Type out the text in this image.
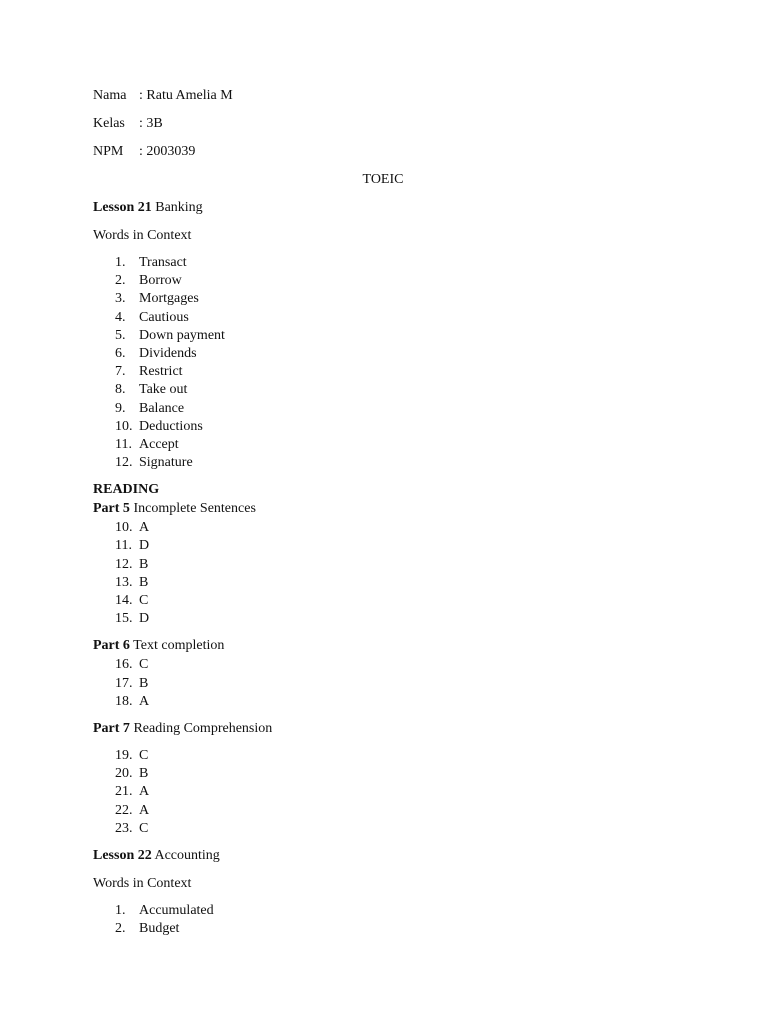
Nama : Ratu Amelia M
Kelas : 3B
NPM : 2003039
TOEIC
Lesson 21 Banking
Words in Context
1. Transact
2. Borrow
3. Mortgages
4. Cautious
5. Down payment
6. Dividends
7. Restrict
8. Take out
9. Balance
10. Deductions
11. Accept
12. Signature
READING
Part 5 Incomplete Sentences
10. A
11. D
12. B
13. B
14. C
15. D
Part 6 Text completion
16. C
17. B
18. A
Part 7 Reading Comprehension
19. C
20. B
21. A
22. A
23. C
Lesson 22 Accounting
Words in Context
1. Accumulated
2. Budget
